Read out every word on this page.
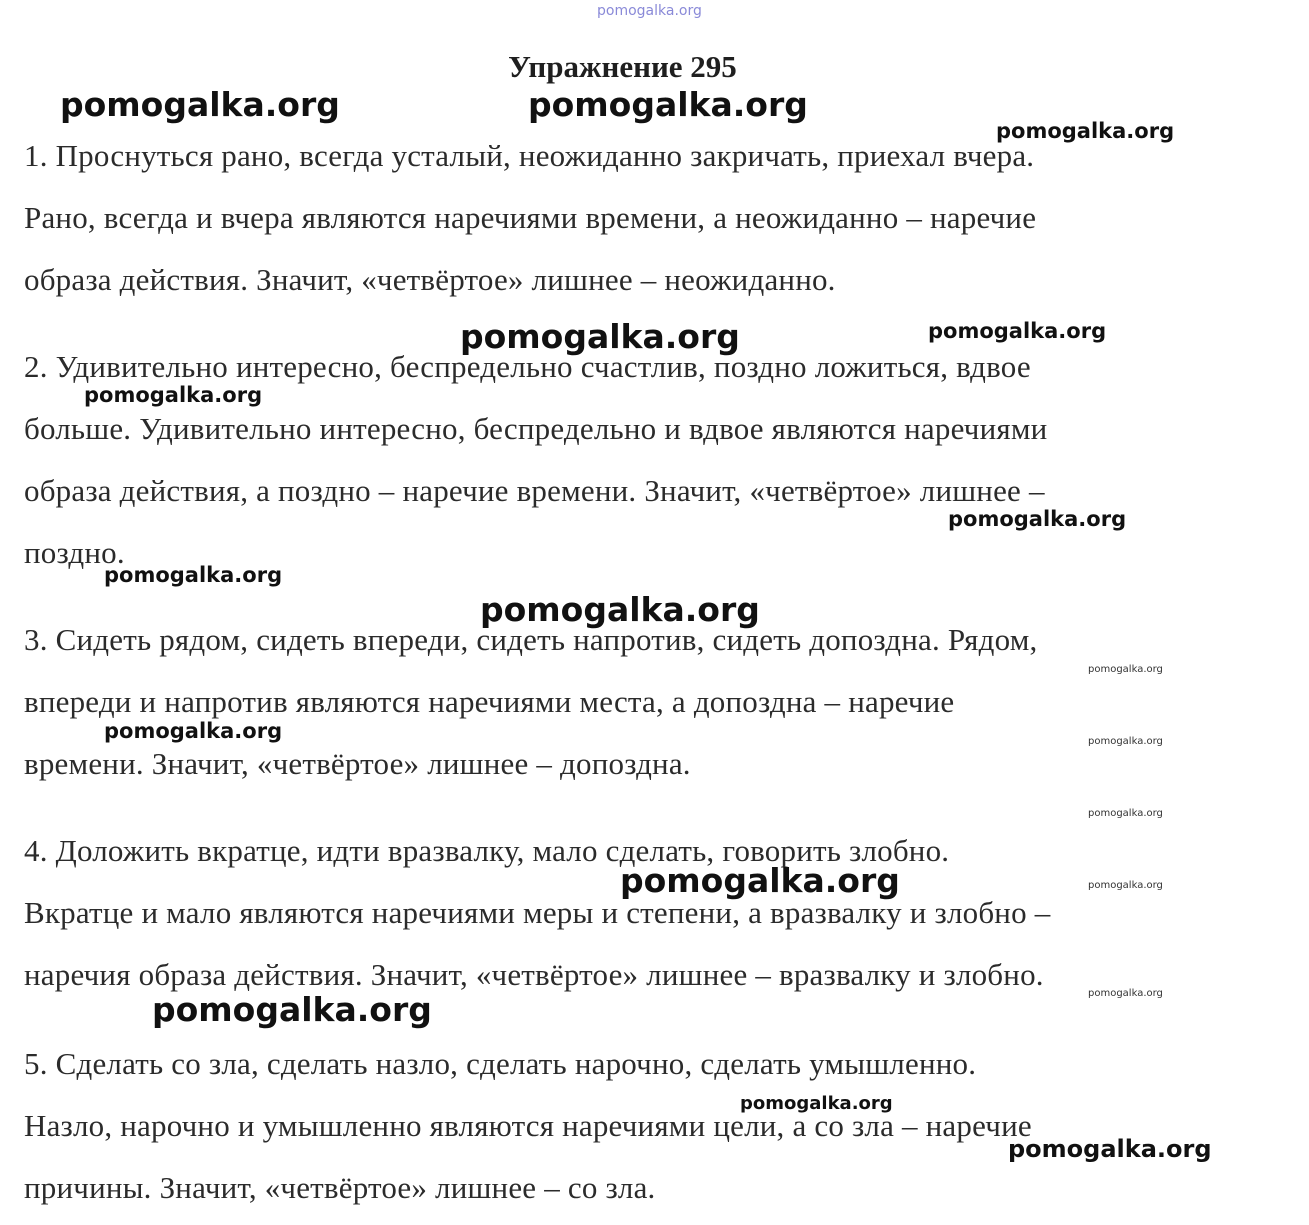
pomogalka.org
Упражнение 295
1. Проснуться рано, всегда усталый, неожиданно закричать, приехал вчера.
Рано, всегда и вчера являются наречиями времени, а неожиданно – наречие
образа действия. Значит, «четвёртое» лишнее – неожиданно.
2. Удивительно интересно, беспредельно счастлив, поздно ложиться, вдвое
больше. Удивительно интересно, беспредельно и вдвое являются наречиями
образа действия, а поздно – наречие времени. Значит, «четвёртое» лишнее –
поздно.
3. Сидеть рядом, сидеть впереди, сидеть напротив, сидеть допоздна. Рядом,
впереди и напротив являются наречиями места, а допоздна – наречие
времени. Значит, «четвёртое» лишнее – допоздна.
4. Доложить вкратце, идти вразвалку, мало сделать, говорить злобно.
Вкратце и мало являются наречиями меры и степени, а вразвалку и злобно –
наречия образа действия. Значит, «четвёртое» лишнее – вразвалку и злобно.
5. Сделать со зла, сделать назло, сделать нарочно, сделать умышленно.
Назло, нарочно и умышленно являются наречиями цели, а со зла – наречие
причины. Значит, «четвёртое» лишнее – со зла.
pomogalka.org	pomogalka.org
pomogalka.org
pomogalka.org	pomogalka.org
pomogalka.org
pomogalka.org
pomogalka.org
pomogalka.org
pomogalka.org
pomogalka.org	pomogalka.org
pomogalka.org
pomogalka.org	pomogalka.org
pomogalka.org
pomogalka.org
pomogalka.org
pomogalka.org
